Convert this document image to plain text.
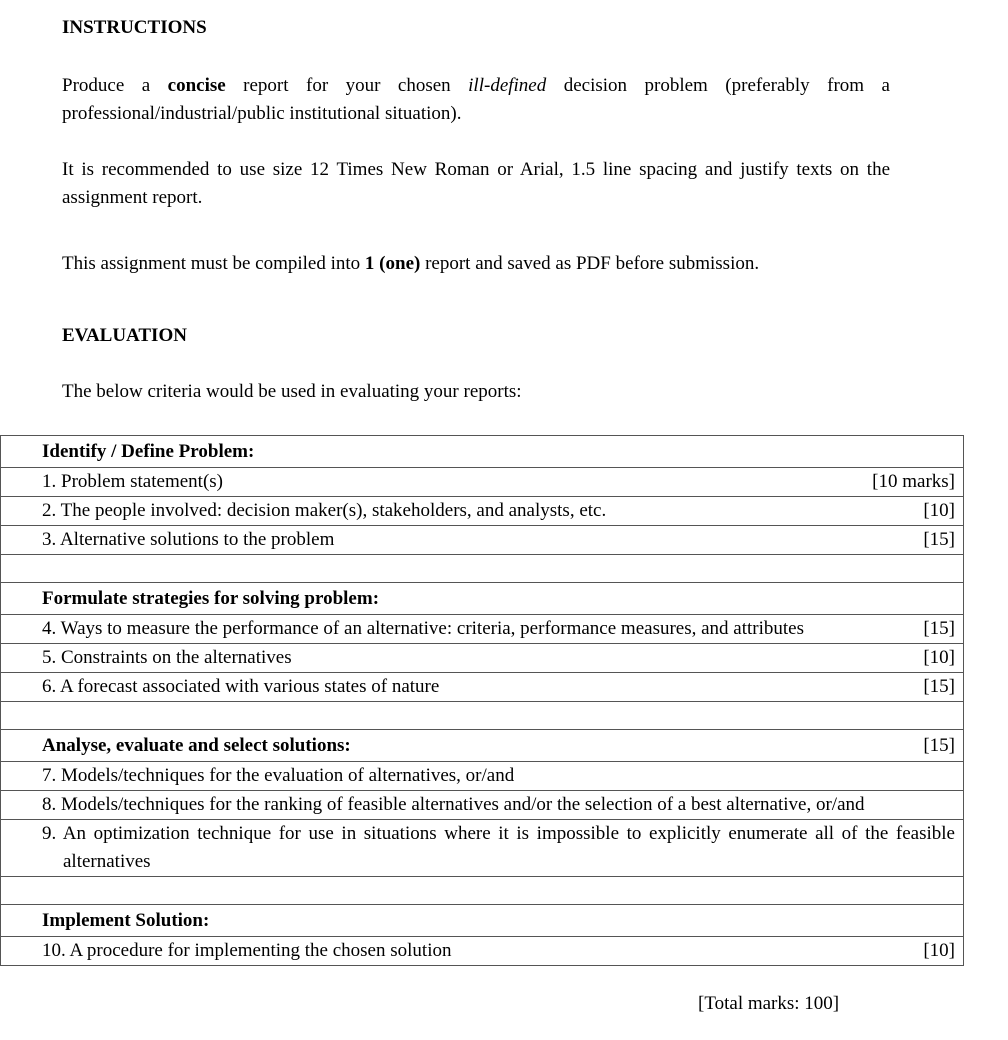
INSTRUCTIONS
Produce a concise report for your chosen ill-defined decision problem (preferably from a professional/industrial/public institutional situation).
It is recommended to use size 12 Times New Roman or Arial, 1.5 line spacing and justify texts on the assignment report.
This assignment must be compiled into 1 (one) report and saved as PDF before submission.
EVALUATION
The below criteria would be used in evaluating your reports:
Identify / Define Problem:

1. Problem statement(s)	[10 marks]

2. The people involved: decision maker(s), stakeholders, and analysts, etc.	[10]

3. Alternative solutions to the problem	[15]

Formulate strategies for solving problem:

4. Ways to measure the performance of an alternative: criteria, performance measures, and attributes	[15]

5. Constraints on the alternatives	[10]

6. A forecast associated with various states of nature	[15]

Analyse, evaluate and select solutions:	[15]

7. Models/techniques for the evaluation of alternatives, or/and

8. Models/techniques for the ranking of feasible alternatives and/or the selection of a best alternative, or/and

9. An optimization technique for use in situations where it is impossible to explicitly enumerate all of the feasible alternatives

Implement Solution:

10. A procedure for implementing the chosen solution	[10]
[Total marks: 100]
